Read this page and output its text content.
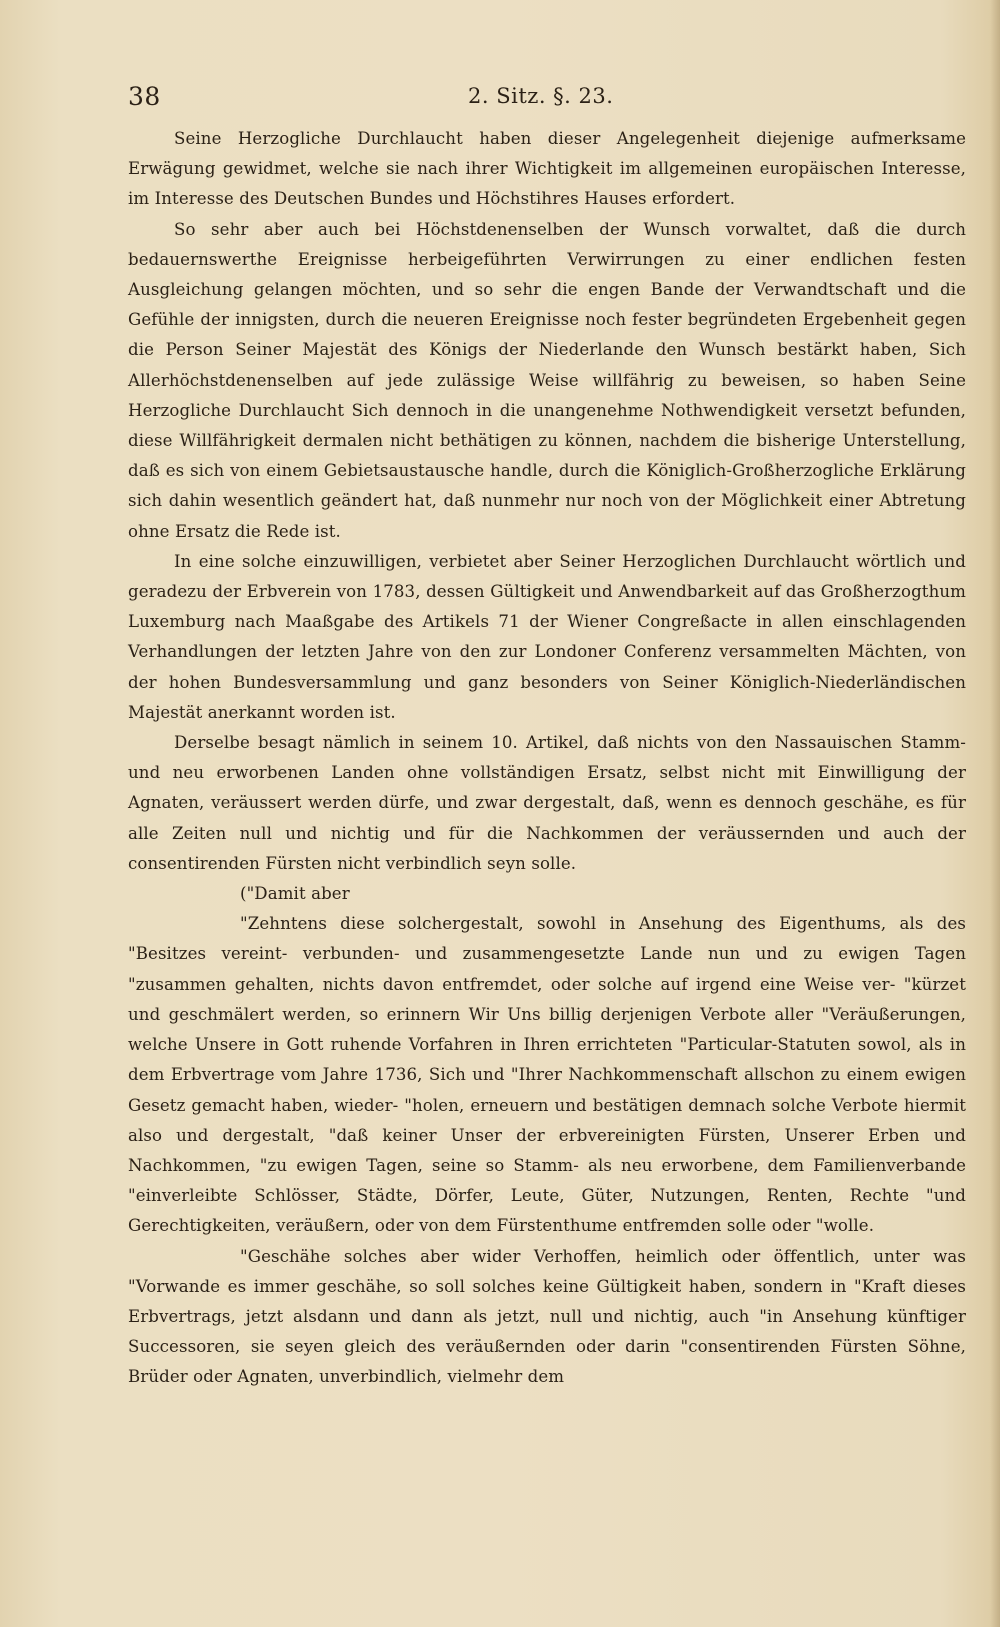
38	2. Sitz. §. 23.

Seine Herzogliche Durchlaucht haben dieser Angelegenheit diejenige aufmerksame Erwägung gewidmet, welche sie nach ihrer Wichtigkeit im allgemeinen europäischen Interesse, im Interesse des Deutschen Bundes und Höchstihres Hauses erfordert.

So sehr aber auch bei Höchstdenenselben der Wunsch vorwaltet, daß die durch bedauernswerthe Ereignisse herbeigeführten Verwirrungen zu einer endlichen festen Ausgleichung gelangen möchten, und so sehr die engen Bande der Verwandtschaft und die Gefühle der innigsten, durch die neueren Ereignisse noch fester begründeten Ergebenheit gegen die Person Seiner Majestät des Königs der Niederlande den Wunsch bestärkt haben, Sich Allerhöchstdenenselben auf jede zulässige Weise willfährig zu beweisen, so haben Seine Herzogliche Durchlaucht Sich dennoch in die unangenehme Nothwendigkeit versetzt befunden, diese Willfährigkeit dermalen nicht bethätigen zu können, nachdem die bisherige Unterstellung, daß es sich von einem Gebietsaustausche handle, durch die Königlich-Großherzogliche Erklärung sich dahin wesentlich geändert hat, daß nunmehr nur noch von der Möglichkeit einer Abtretung ohne Ersatz die Rede ist.

In eine solche einzuwilligen, verbietet aber Seiner Herzoglichen Durchlaucht wörtlich und geradezu der Erbverein von 1783, dessen Gültigkeit und Anwendbarkeit auf das Großherzogthum Luxemburg nach Maaßgabe des Artikels 71 der Wiener Congreßacte in allen einschlagenden Verhandlungen der letzten Jahre von den zur Londoner Conferenz versammelten Mächten, von der hohen Bundesversammlung und ganz besonders von Seiner Königlich-Niederländischen Majestät anerkannt worden ist.

Derselbe besagt nämlich in seinem 10. Artikel, daß nichts von den Nassauischen Stamm- und neu erworbenen Landen ohne vollständigen Ersatz, selbst nicht mit Einwilligung der Agnaten, veräussert werden dürfe, und zwar dergestalt, daß, wenn es dennoch geschähe, es für alle Zeiten null und nichtig und für die Nachkommen der veräussernden und auch der consentirenden Fürsten nicht verbindlich seyn solle.

("Damit aber

"Zehntens diese solchergestalt, sowohl in Ansehung des Eigenthums, als des "Besitzes vereint- verbunden- und zusammengesetzte Lande nun und zu ewigen Tagen "zusammen gehalten, nichts davon entfremdet, oder solche auf irgend eine Weise ver- "kürzet und geschmälert werden, so erinnern Wir Uns billig derjenigen Verbote aller "Veräußerungen, welche Unsere in Gott ruhende Vorfahren in Ihren errichteten "Particular-Statuten sowol, als in dem Erbvertrage vom Jahre 1736, Sich und "Ihrer Nachkommenschaft allschon zu einem ewigen Gesetz gemacht haben, wieder- "holen, erneuern und bestätigen demnach solche Verbote hiermit also und dergestalt, "daß keiner Unser der erbvereinigten Fürsten, Unserer Erben und Nachkommen, "zu ewigen Tagen, seine so Stamm- als neu erworbene, dem Familienverbande "einverleibte Schlösser, Städte, Dörfer, Leute, Güter, Nutzungen, Renten, Rechte "und Gerechtigkeiten, veräußern, oder von dem Fürstenthume entfremden solle oder "wolle.

"Geschähe solches aber wider Verhoffen, heimlich oder öffentlich, unter was "Vorwande es immer geschähe, so soll solches keine Gültigkeit haben, sondern in "Kraft dieses Erbvertrags, jetzt alsdann und dann als jetzt, null und nichtig, auch "in Ansehung künftiger Successoren, sie seyen gleich des veräußernden oder darin "consentirenden Fürsten Söhne, Brüder oder Agnaten, unverbindlich, vielmehr dem
